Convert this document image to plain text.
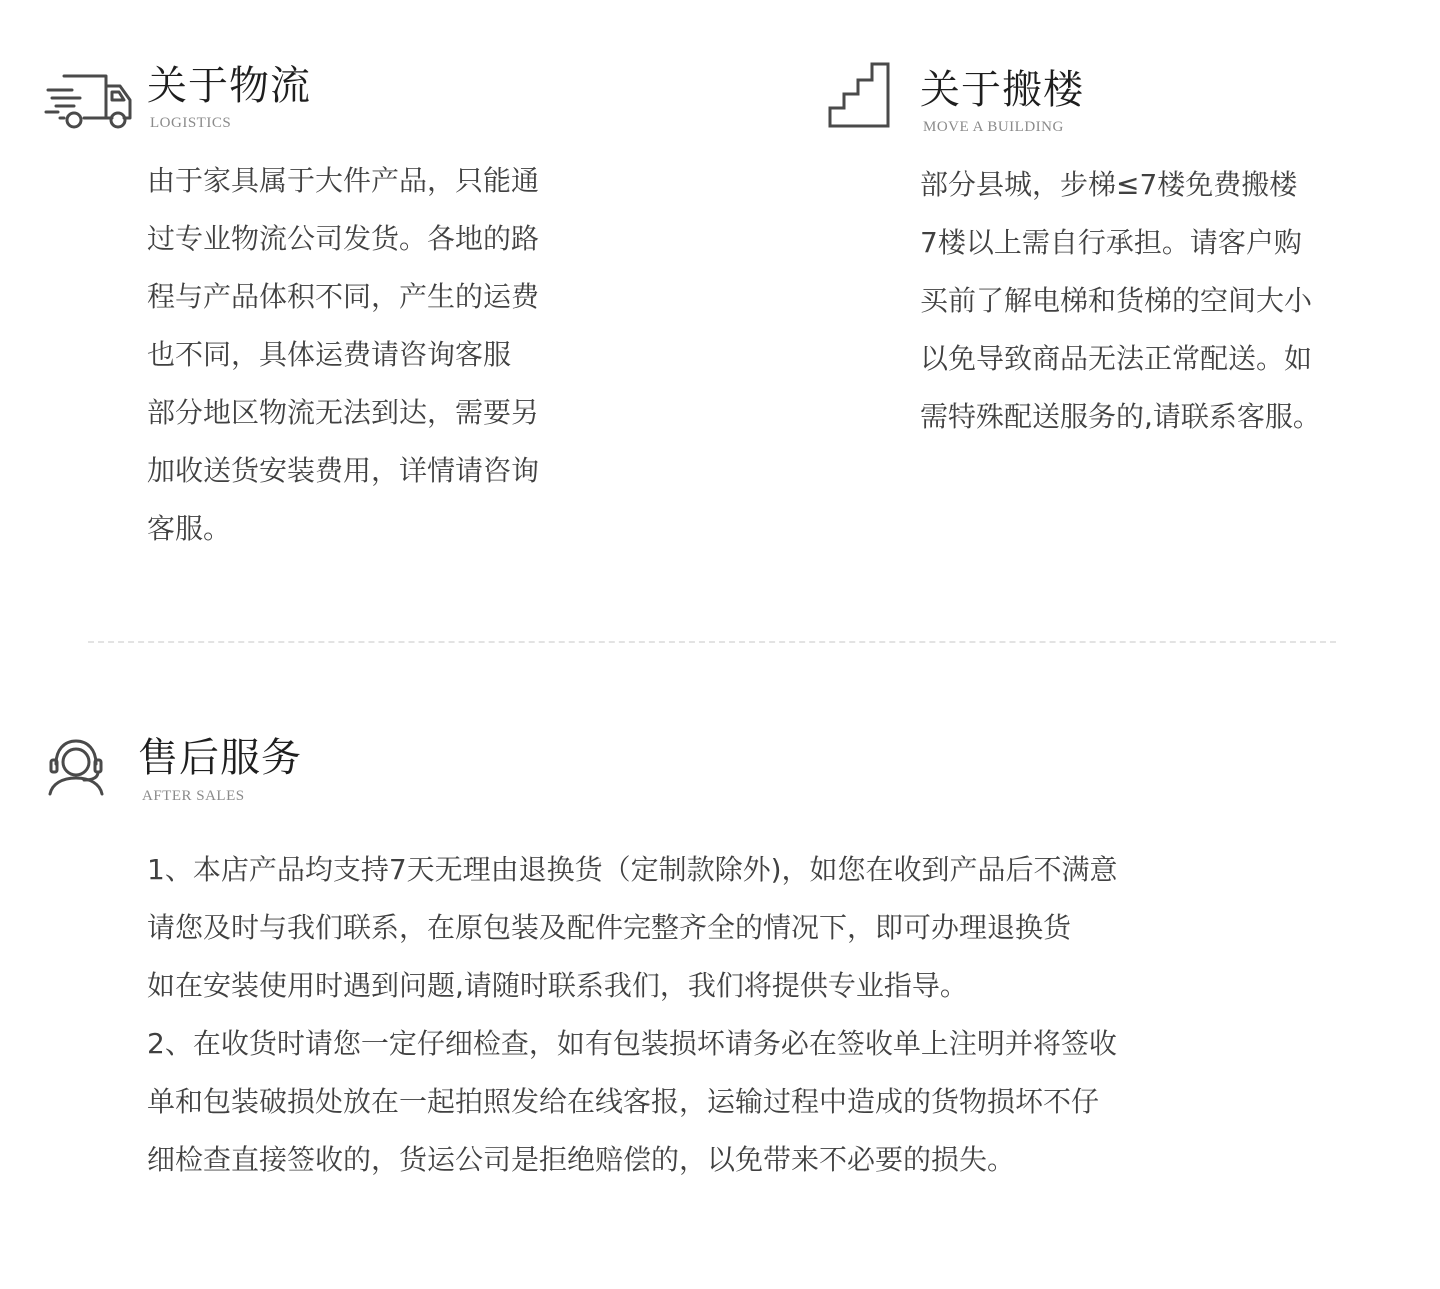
关于物流
LOGISTICS
由于家具属于大件产品，只能通
过专业物流公司发货。各地的路
程与产品体积不同，产生的运费
也不同，具体运费请咨询客服
部分地区物流无法到达，需要另
加收送货安装费用，详情请咨询
客服。
关于搬楼
MOVE A BUILDING
部分县城，步梯≤7楼免费搬楼
7楼以上需自行承担。请客户购
买前了解电梯和货梯的空间大小
以免导致商品无法正常配送。如
需特殊配送服务的,请联系客服。
售后服务
AFTER SALES
1、本店产品均支持7天无理由退换货（定制款除外)，如您在收到产品后不满意
请您及时与我们联系，在原包装及配件完整齐全的情况下，即可办理退换货
如在安装使用时遇到问题,请随时联系我们，我们将提供专业指导。
2、在收货时请您一定仔细检查，如有包装损坏请务必在签收单上注明并将签收
单和包装破损处放在一起拍照发给在线客报，运输过程中造成的货物损坏不仔
细检查直接签收的，货运公司是拒绝赔偿的，以免带来不必要的损失。
